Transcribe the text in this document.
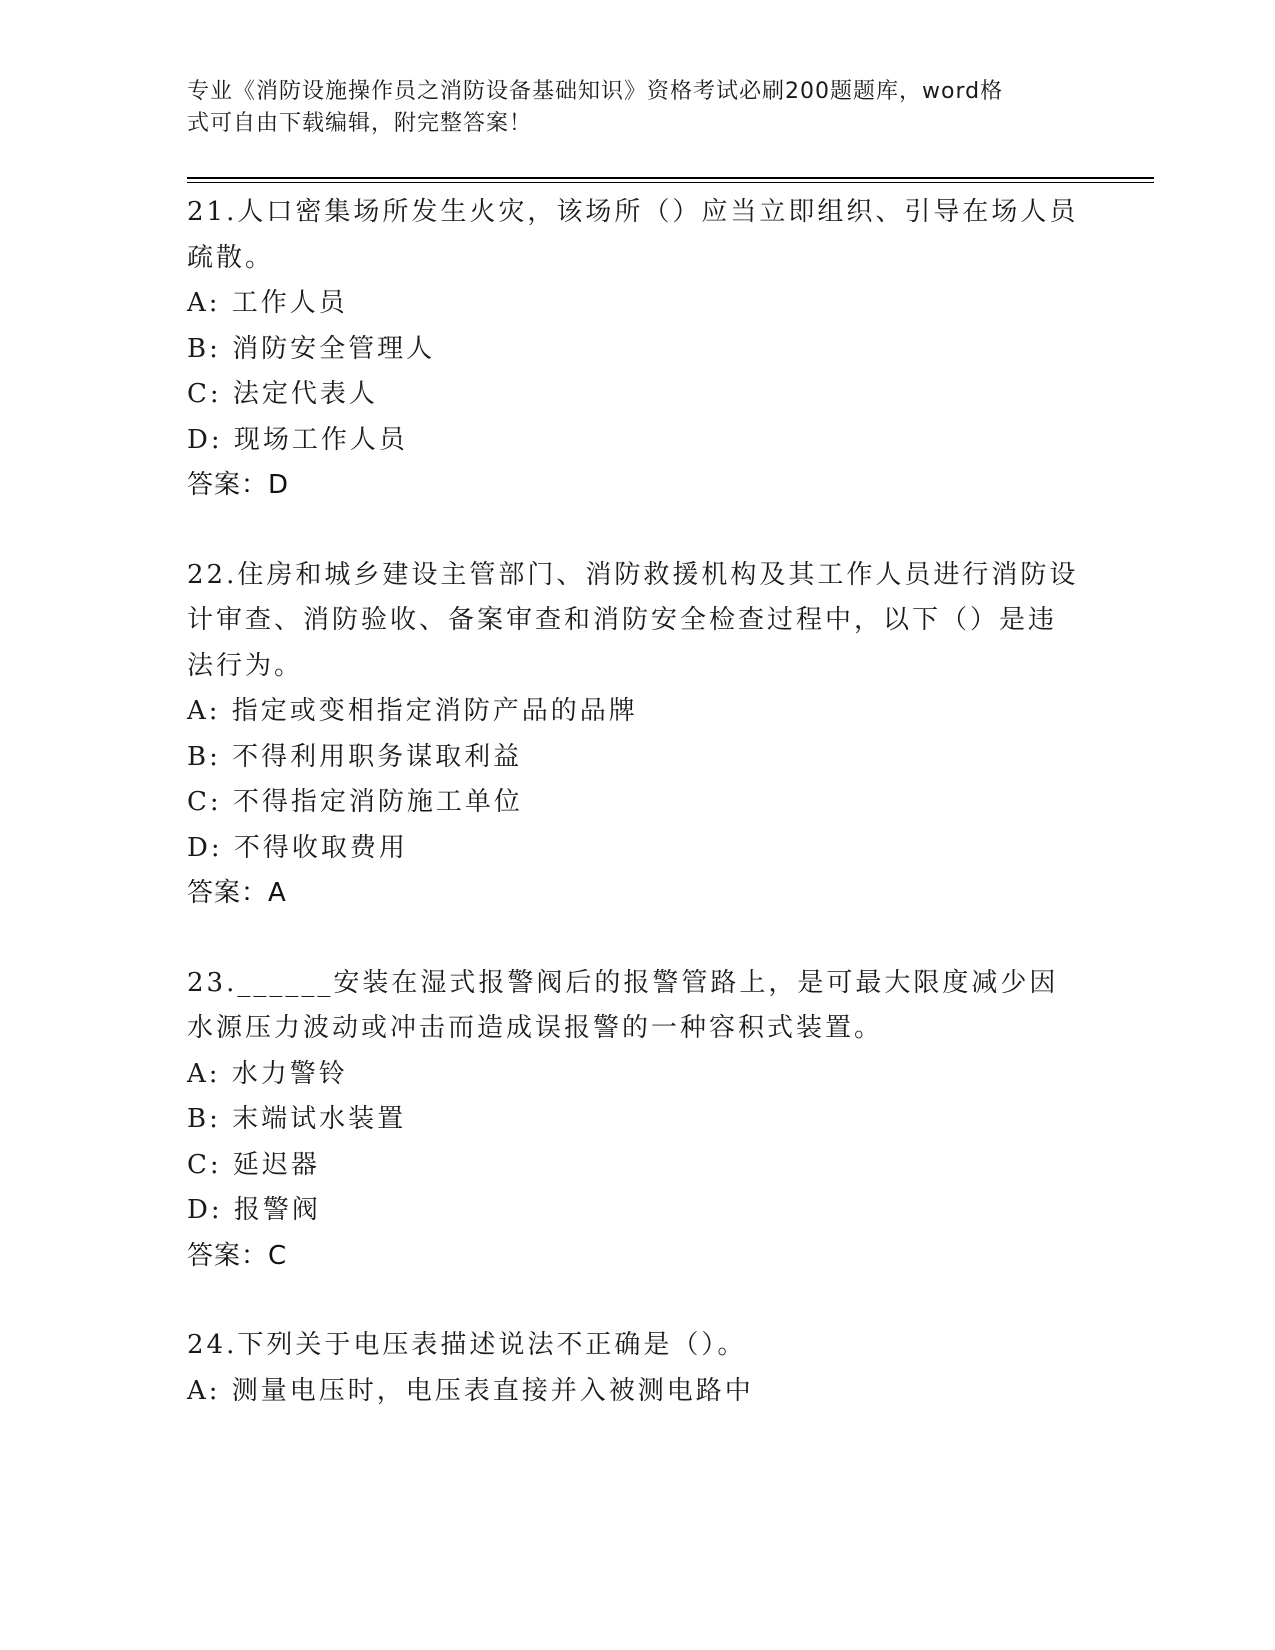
专业《消防设施操作员之消防设备基础知识》资格考试必刷200题题库，word格
式可自由下载编辑，附完整答案！
21.人口密集场所发生火灾，该场所（）应当立即组织、引导在场人员
疏散。
A: 工作人员
B: 消防安全管理人
C: 法定代表人
D: 现场工作人员
答案：D
22.住房和城乡建设主管部门、消防救援机构及其工作人员进行消防设
计审查、消防验收、备案审查和消防安全检查过程中，以下（）是违
法行为。
A: 指定或变相指定消防产品的品牌
B: 不得利用职务谋取利益
C: 不得指定消防施工单位
D: 不得收取费用
答案：A
23.______安装在湿式报警阀后的报警管路上，是可最大限度减少因
水源压力波动或冲击而造成误报警的一种容积式装置。
A: 水力警铃
B: 末端试水装置
C: 延迟器
D: 报警阀
答案：C
24.下列关于电压表描述说法不正确是（）。
A: 测量电压时，电压表直接并入被测电路中
